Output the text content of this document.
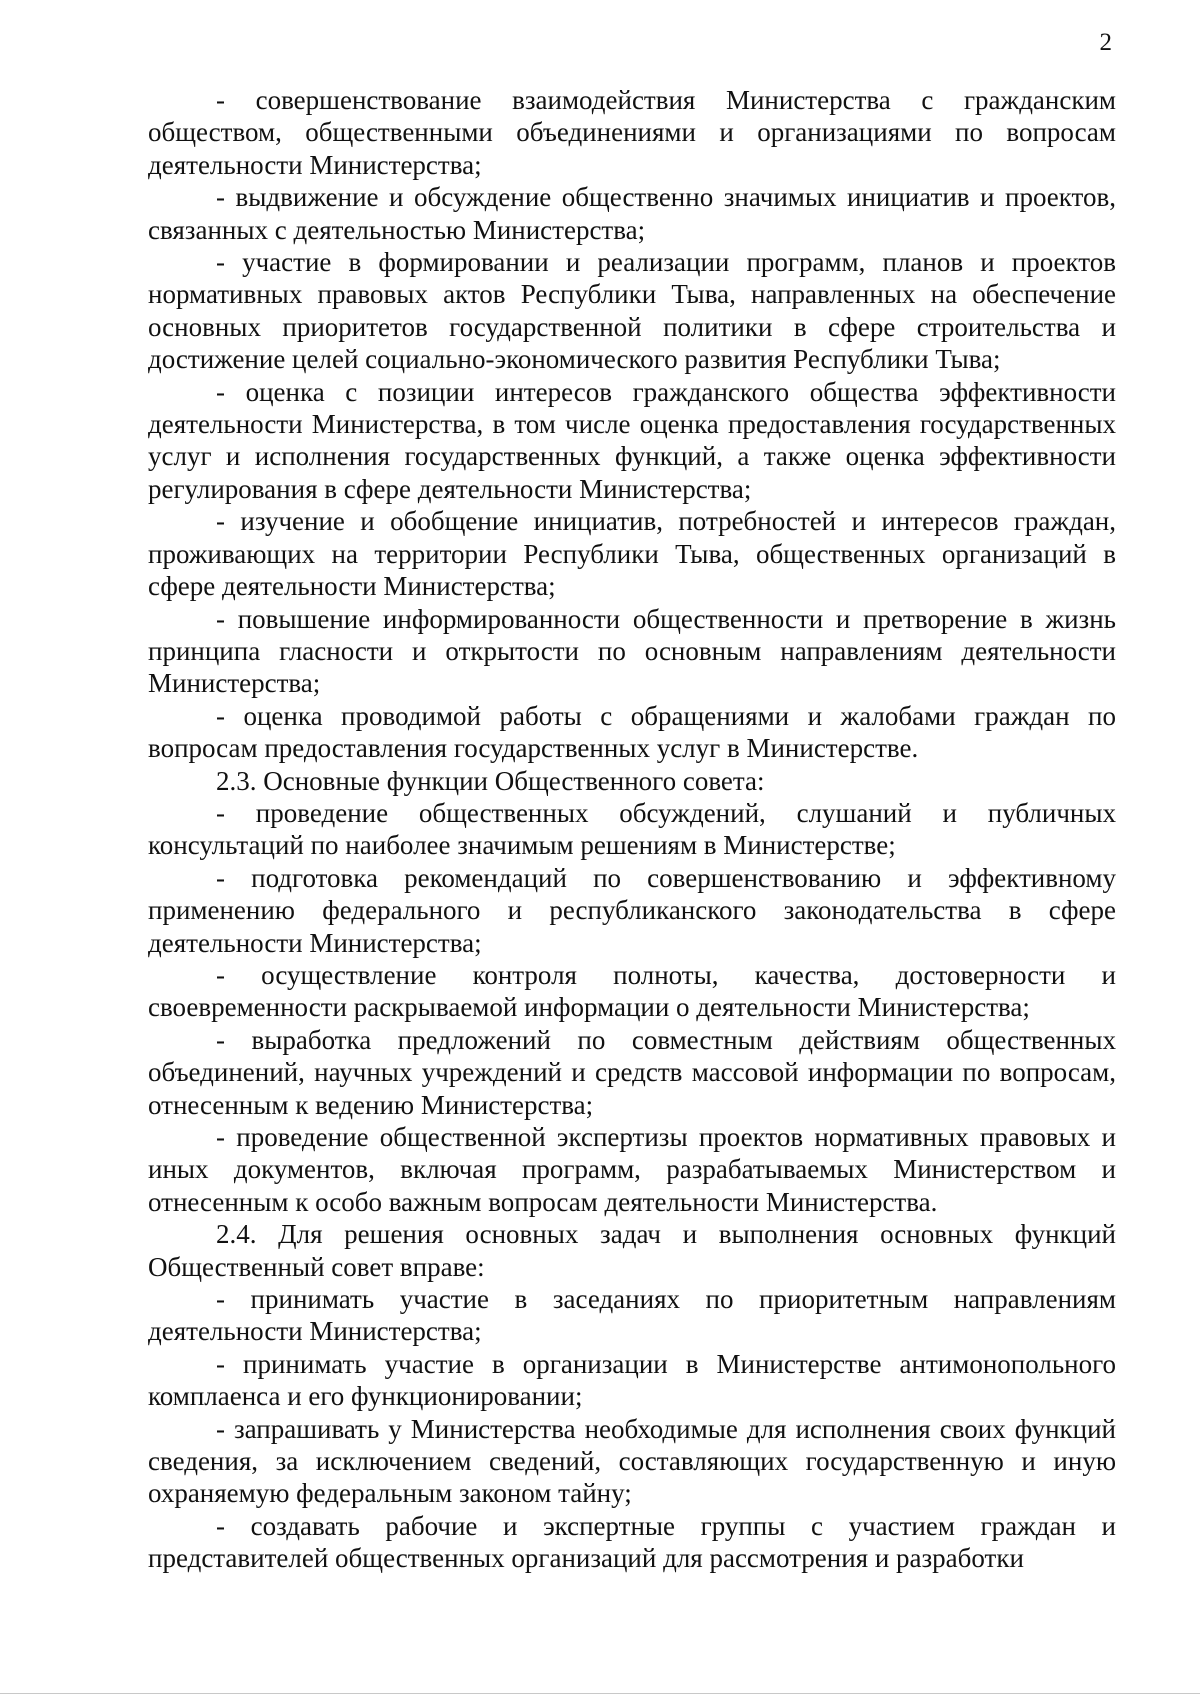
2

- совершенствование взаимодействия Министерства с гражданским обществом, общественными объединениями и организациями по вопросам деятельности Министерства;

- выдвижение и обсуждение общественно значимых инициатив и проектов, связанных с деятельностью Министерства;

- участие в формировании и реализации программ, планов и проектов нормативных правовых актов Республики Тыва, направленных на обеспечение основных приоритетов государственной политики в сфере строительства и достижение целей социально-экономического развития Республики Тыва;

- оценка с позиции интересов гражданского общества эффективности деятельности Министерства, в том числе оценка предоставления государственных услуг и исполнения государственных функций, а также оценка эффективности регулирования в сфере деятельности Министерства;

- изучение и обобщение инициатив, потребностей и интересов граждан, проживающих на территории Республики Тыва, общественных организаций в сфере деятельности Министерства;

- повышение информированности общественности и претворение в жизнь принципа гласности и открытости по основным направлениям деятельности Министерства;

- оценка проводимой работы с обращениями и жалобами граждан по вопросам предоставления государственных услуг в Министерстве.

2.3. Основные функции Общественного совета:

- проведение общественных обсуждений, слушаний и публичных консультаций по наиболее значимым решениям в Министерстве;

- подготовка рекомендаций по совершенствованию и эффективному применению федерального и республиканского законодательства в сфере деятельности Министерства;

- осуществление контроля полноты, качества, достоверности и своевременности раскрываемой информации о деятельности Министерства;

- выработка предложений по совместным действиям общественных объединений, научных учреждений и средств массовой информации по вопросам, отнесенным к ведению Министерства;

- проведение общественной экспертизы проектов нормативных правовых и иных документов, включая программ, разрабатываемых Министерством и отнесенным к особо важным вопросам деятельности Министерства.

2.4. Для решения основных задач и выполнения основных функций Общественный совет вправе:

- принимать участие в заседаниях по приоритетным направлениям деятельности Министерства;

- принимать участие в организации в Министерстве антимонопольного комплаенса и его функционировании;

- запрашивать у Министерства необходимые для исполнения своих функций сведения, за исключением сведений, составляющих государственную и иную охраняемую федеральным законом тайну;

- создавать рабочие и экспертные группы с участием граждан и представителей общественных организаций для рассмотрения и разработки
